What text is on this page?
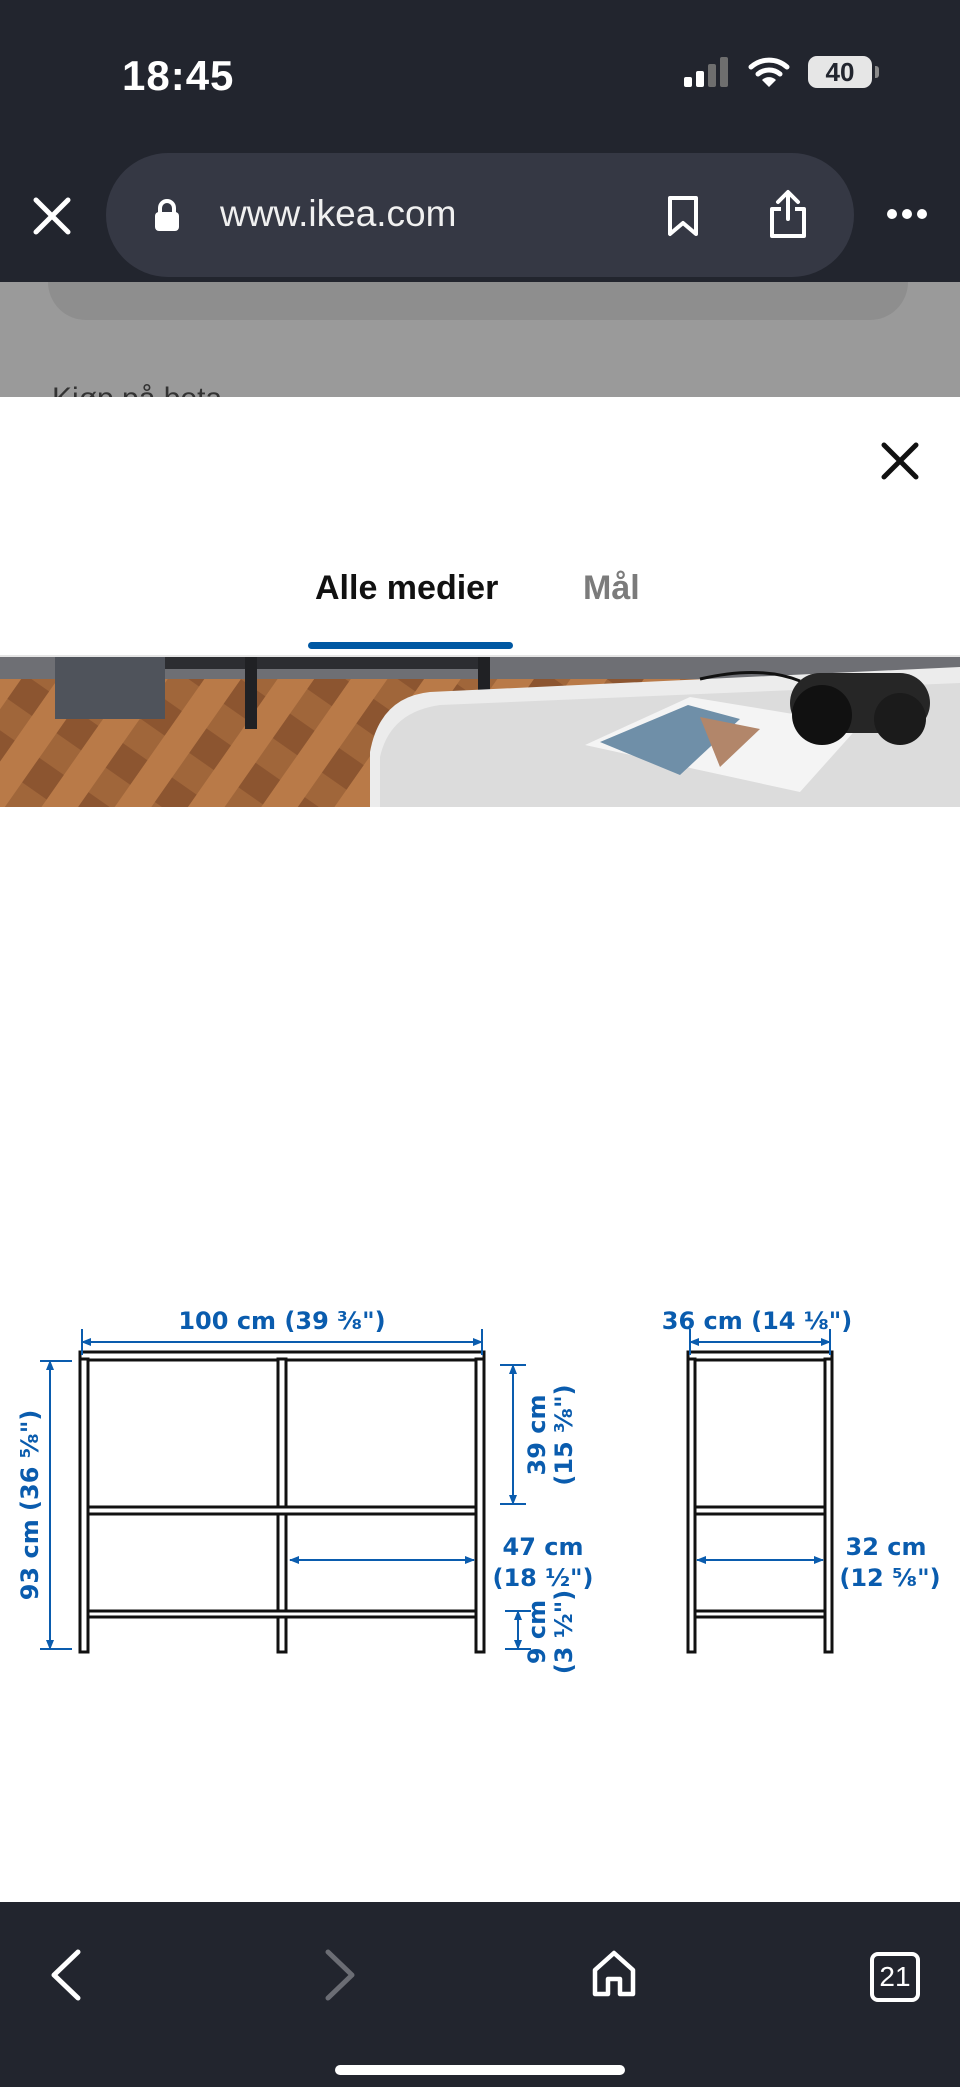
18:45	40
www.ikea.com
Alle medier Mål
100 cm (39 ³⁄₈")
93 cm (36 ⁵⁄₈")	39 cm (15 ³⁄₈")
47 cm
(18 ½")
9 cm (3 ½")
36 cm (14 ⅛")
32 cm
(12 ⁵⁄₈")
21
